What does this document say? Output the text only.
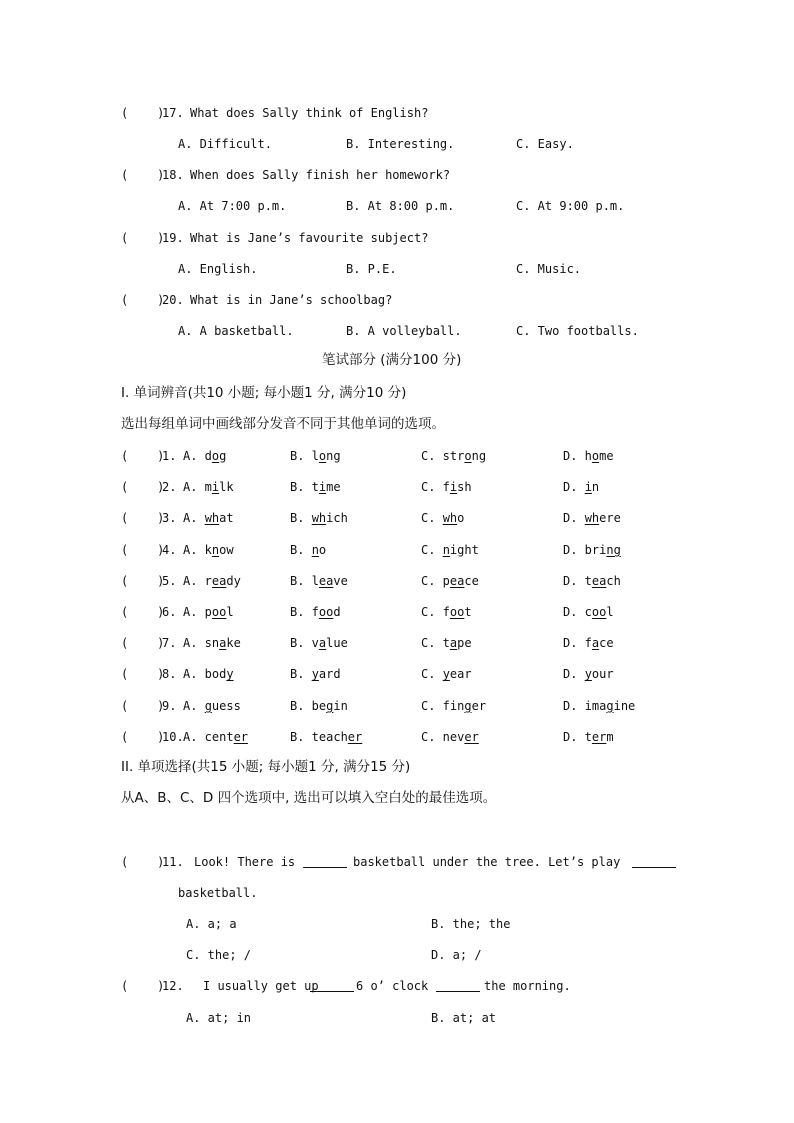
(    )
17. What does Sally think of English?
A. Difficult.	B. Interesting.	C. Easy.
(    )
18. When does Sally finish her homework?
A. At 7:00 p.m.	B. At 8:00 p.m.	C. At 9:00 p.m.
(    )
19. What is Jane’s favourite subject?
A. English.	B. P.E.	C. Music.
(    )
20. What is in Jane’s schoolbag?
A. A basketball.	B. A volleyball.	C. Two footballs.
笔试部分 (满分100 分)
I. 单词辨音(共10 小题; 每小题1 分, 满分10 分)
选出每组单词中画线部分发音不同于其他单词的选项。
(    )
1. A. dog	B. long	C. strong	D. home
(    )
2. A. milk	B. time	C. fish	D. in
(    )
3. A. what	B. which	C. who	D. where
(    )
4. A. know	B. no	C. night	D. bring
(    )
5. A. ready	B. leave	C. peace	D. teach
(    )
6. A. pool	B. food	C. foot	D. cool
(    )
7. A. snake	B. value	C. tape	D. face
(    )
8. A. body	B. yard	C. year	D. your
(    )
9. A. guess	B. begin	C. finger	D. imagine
(    )
10. A. center	B. teacher	C. never	D. term
II. 单项选择(共15 小题; 每小题1 分, 满分15 分)
从A、B、C、D 四个选项中, 选出可以填入空白处的最佳选项。
(    )
11. Look! There is	basketball under the tree. Let’s play
basketball.
A. a; a	B. the; the
C. the; /	D. a; /
(    )
12. I usually get up	6 o’ clock	the morning.
A. at; in	B. at; at
